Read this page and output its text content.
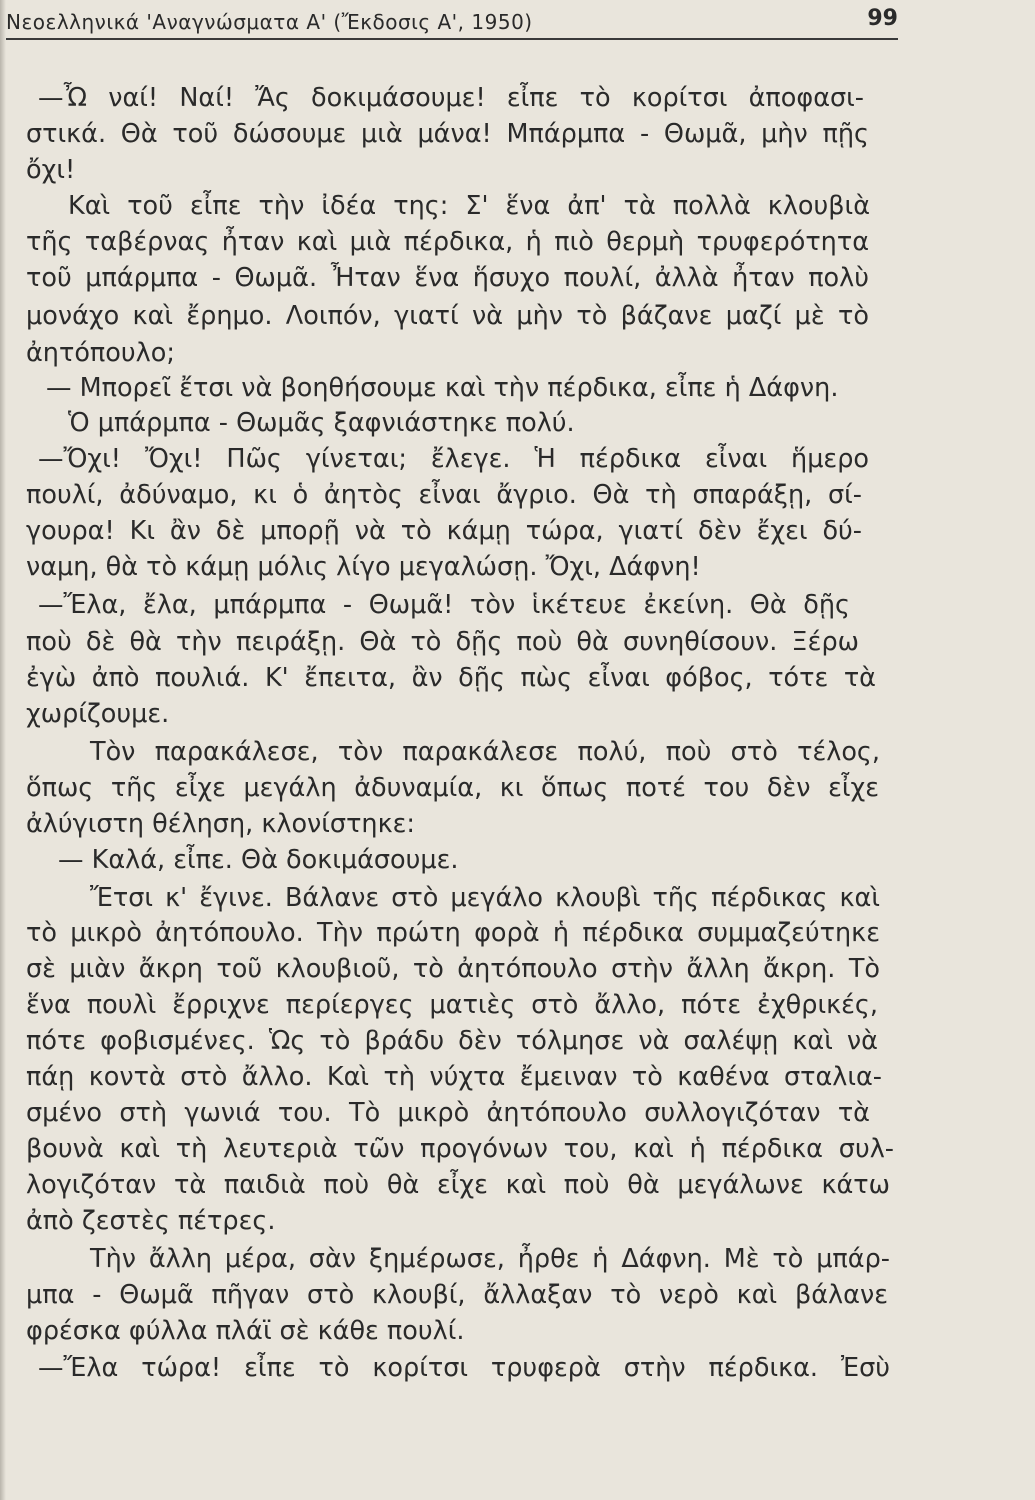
Νεοελληνικά 'Αναγνώσματα Α' (Ἔκδοσις Α', 1950)	99
—Ὦ ναί! Ναί! Ἄς δοκιμάσουμε! εἶπε τὸ κορίτσι ἀποφασι-
στικά. Θὰ τοῦ δώσουμε μιὰ μάνα! Μπάρμπα - Θωμᾶ, μὴν πῇς
ὄχι!
Καὶ τοῦ εἶπε τὴν ἰδέα της: Σ' ἕνα ἀπ' τὰ πολλὰ κλουβιὰ
τῆς ταβέρνας ἦταν καὶ μιὰ πέρδικα, ἡ πιὸ θερμὴ τρυφερότητα
τοῦ μπάρμπα - Θωμᾶ. Ἦταν ἕνα ἥσυχο πουλί, ἀλλὰ ἦταν πολὺ
μονάχο καὶ ἔρημο. Λοιπόν, γιατί νὰ μὴν τὸ βάζανε μαζί μὲ τὸ
ἀητόπουλο;
— Μπορεῖ ἔτσι νὰ βοηθήσουμε καὶ τὴν πέρδικα, εἶπε ἡ Δάφνη.
Ὁ μπάρμπα - Θωμᾶς ξαφνιάστηκε πολύ.
—Ὄχι! Ὄχι! Πῶς γίνεται; ἔλεγε. Ἡ πέρδικα εἶναι ἥμερο
πουλί, ἀδύναμο, κι ὁ ἀητὸς εἶναι ἄγριο. Θὰ τὴ σπαράξῃ, σί-
γουρα! Κι ἂν δὲ μπορῇ νὰ τὸ κάμῃ τώρα, γιατί δὲν ἔχει δύ-
ναμη, θὰ τὸ κάμῃ μόλις λίγο μεγαλώσῃ. Ὄχι, Δάφνη!
—Ἔλα, ἔλα, μπάρμπα - Θωμᾶ! τὸν ἱκέτευε ἐκείνη. Θὰ δῇς
ποὺ δὲ θὰ τὴν πειράξῃ. Θὰ τὸ δῇς ποὺ θὰ συνηθίσουν. Ξέρω
ἐγὼ ἀπὸ πουλιά. Κ' ἔπειτα, ἂν δῇς πὼς εἶναι φόβος, τότε τὰ
χωρίζουμε.
Τὸν παρακάλεσε, τὸν παρακάλεσε πολύ, ποὺ στὸ τέλος,
ὅπως τῆς εἶχε μεγάλη ἀδυναμία, κι ὅπως ποτέ του δὲν εἶχε
ἀλύγιστη θέληση, κλονίστηκε:
— Καλά, εἶπε. Θὰ δοκιμάσουμε.
Ἔτσι κ' ἔγινε. Βάλανε στὸ μεγάλο κλουβὶ τῆς πέρδικας καὶ
τὸ μικρὸ ἀητόπουλο. Τὴν πρώτη φορὰ ἡ πέρδικα συμμαζεύτηκε
σὲ μιὰν ἄκρη τοῦ κλουβιοῦ, τὸ ἀητόπουλο στὴν ἄλλη ἄκρη. Τὸ
ἕνα πουλὶ ἔρριχνε περίεργες ματιὲς στὸ ἄλλο, πότε ἐχθρικές,
πότε φοβισμένες. Ὡς τὸ βράδυ δὲν τόλμησε νὰ σαλέψῃ καὶ νὰ
πάῃ κοντὰ στὸ ἄλλο. Καὶ τὴ νύχτα ἔμειναν τὸ καθένα σταλια-
σμένο στὴ γωνιά του. Τὸ μικρὸ ἀητόπουλο συλλογιζόταν τὰ
βουνὰ καὶ τὴ λευτεριὰ τῶν προγόνων του, καὶ ἡ πέρδικα συλ-
λογιζόταν τὰ παιδιὰ ποὺ θὰ εἶχε καὶ ποὺ θὰ μεγάλωνε κάτω
ἀπὸ ζεστὲς πέτρες.
Τὴν ἄλλη μέρα, σὰν ξημέρωσε, ἦρθε ἡ Δάφνη. Μὲ τὸ μπάρ-
μπα - Θωμᾶ πῆγαν στὸ κλουβί, ἄλλαξαν τὸ νερὸ καὶ βάλανε
φρέσκα φύλλα πλάϊ σὲ κάθε πουλί.
—Ἔλα τώρα! εἶπε τὸ κορίτσι τρυφερὰ στὴν πέρδικα. Ἐσὺ
